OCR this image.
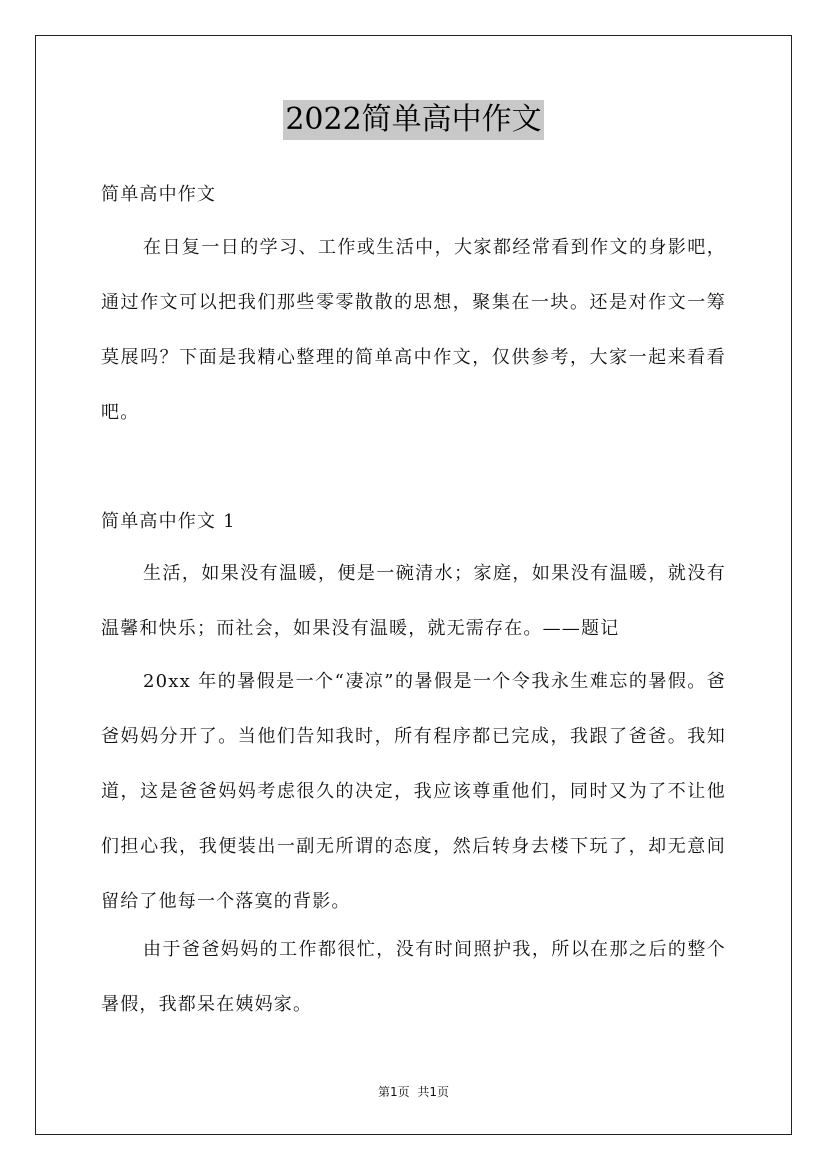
2022简单高中作文
简单高中作文
在日复一日的学习、工作或生活中，大家都经常看到作文的身影吧，通过作文可以把我们那些零零散散的思想，聚集在一块。还是对作文一筹莫展吗？下面是我精心整理的简单高中作文，仅供参考，大家一起来看看吧。
简单高中作文 1
生活，如果没有温暖，便是一碗清水；家庭，如果没有温暖，就没有温馨和快乐；而社会，如果没有温暖，就无需存在。——题记
20xx 年的暑假是一个“凄凉”的暑假是一个令我永生难忘的暑假。爸爸妈妈分开了。当他们告知我时，所有程序都已完成，我跟了爸爸。我知道，这是爸爸妈妈考虑很久的决定，我应该尊重他们，同时又为了不让他们担心我，我便装出一副无所谓的态度，然后转身去楼下玩了，却无意间留给了他每一个落寞的背影。
由于爸爸妈妈的工作都很忙，没有时间照护我，所以在那之后的整个暑假，我都呆在姨妈家。
第1页 共1页
